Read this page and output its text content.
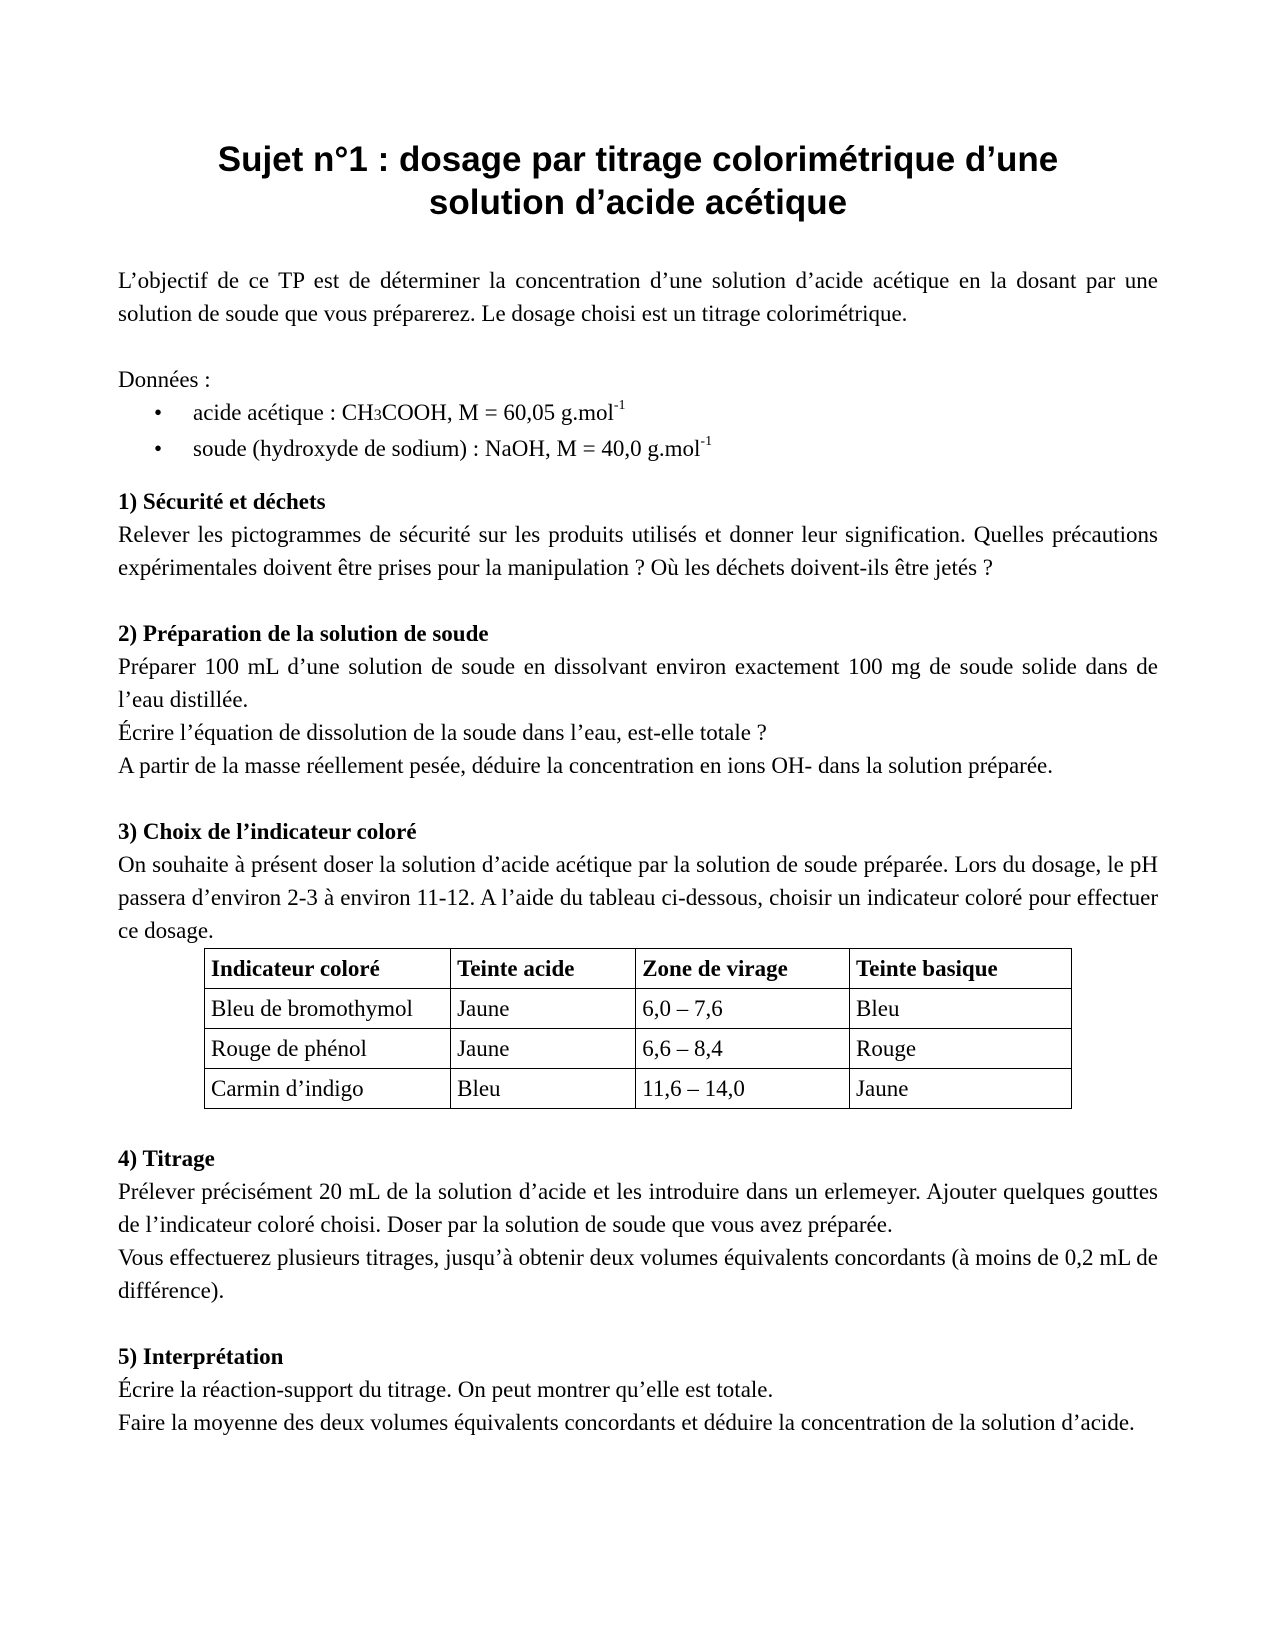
Sujet n°1 : dosage par titrage colorimétrique d’une
solution d’acide acétique

L’objectif de ce TP est de déterminer la concentration d’une solution d’acide acétique en la dosant par une solution de soude que vous préparerez. Le dosage choisi est un titrage colorimétrique.

Données :

• acide acétique : CH3COOH, M = 60,05 g.mol$^{-1}$
• soude (hydroxyde de sodium) : NaOH, M = 40,0 g.mol$^{-1}$

1) Sécurité et déchets

Relever les pictogrammes de sécurité sur les produits utilisés et donner leur signification. Quelles précautions expérimentales doivent être prises pour la manipulation ? Où les déchets doivent-ils être jetés ?

2) Préparation de la solution de soude

Préparer 100 mL d’une solution de soude en dissolvant environ exactement 100 mg de soude solide dans de l’eau distillée.

Écrire l’équation de dissolution de la soude dans l’eau, est-elle totale ?

A partir de la masse réellement pesée, déduire la concentration en ions OH- dans la solution préparée.

3) Choix de l’indicateur coloré

On souhaite à présent doser la solution d’acide acétique par la solution de soude préparée. Lors du dosage, le pH passera d’environ 2-3 à environ 11-12. A l’aide du tableau ci-dessous, choisir un indicateur coloré pour effectuer ce dosage.

Indicateur coloré	Teinte acide	Zone de virage	Teinte basique
Bleu de bromothymol	Jaune	6,0 – 7,6	Bleu
Rouge de phénol	Jaune	6,6 – 8,4	Rouge
Carmin d’indigo	Bleu	11,6 – 14,0	Jaune

4) Titrage

Prélever précisément 20 mL de la solution d’acide et les introduire dans un erlemeyer. Ajouter quelques gouttes de l’indicateur coloré choisi. Doser par la solution de soude que vous avez préparée.

Vous effectuerez plusieurs titrages, jusqu’à obtenir deux volumes équivalents concordants (à moins de 0,2 mL de différence).

5) Interprétation

Écrire la réaction-support du titrage. On peut montrer qu’elle est totale.

Faire la moyenne des deux volumes équivalents concordants et déduire la concentration de la solution d’acide.
